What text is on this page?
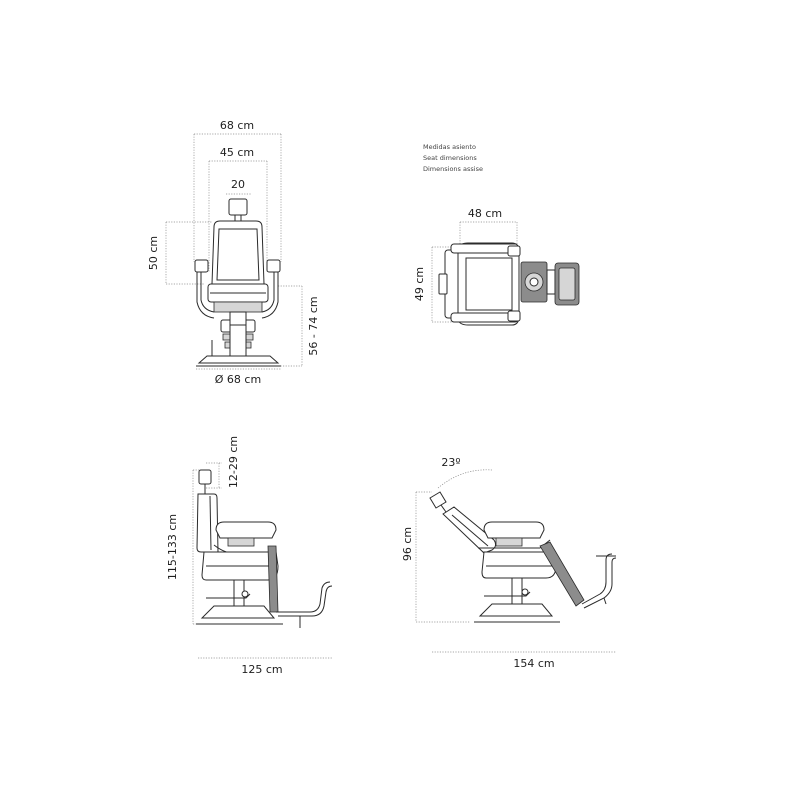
68 cm
45 cm
20
50 cm
56 - 74 cm
Ø 68 cm
Medidas asiento
Seat dimensions
Dimensions assise
48 cm
49 cm
12-29 cm
115-133 cm
125 cm
23º
96 cm
154 cm
